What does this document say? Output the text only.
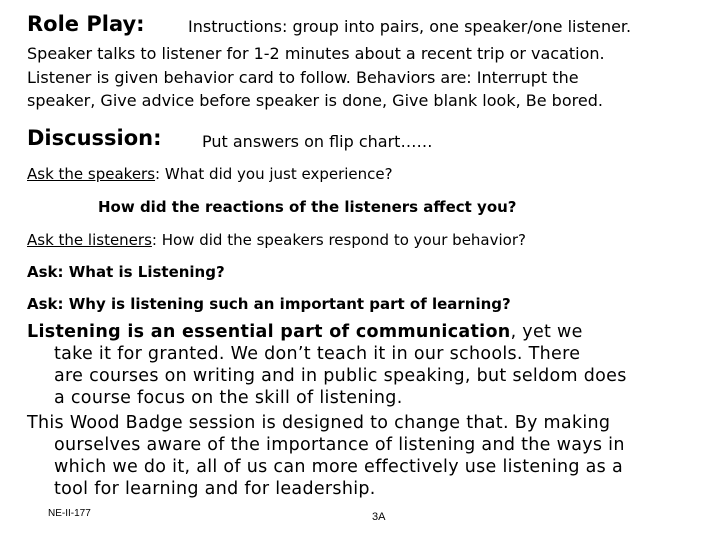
Role Play:	Instructions: group into pairs, one speaker/one listener.
Speaker talks to listener for 1-2 minutes about a recent trip or vacation.
Listener is given behavior card to follow. Behaviors are: Interrupt the
speaker, Give advice before speaker is done, Give blank look, Be bored.
Discussion:	Put answers on flip chart……
Ask the speakers: What did you just experience?
How did the reactions of the listeners affect you?
Ask the listeners: How did the speakers respond to your behavior?
Ask: What is Listening?
Ask: Why is listening such an important part of learning?
Listening is an essential part of communication, yet we
take it for granted. We don’t teach it in our schools. There
are courses on writing and in public speaking, but seldom does
a course focus on the skill of listening.
This Wood Badge session is designed to change that. By making
ourselves aware of the importance of listening and the ways in
which we do it, all of us can more effectively use listening as a
tool for learning and for leadership.
NE-II-177	3A
